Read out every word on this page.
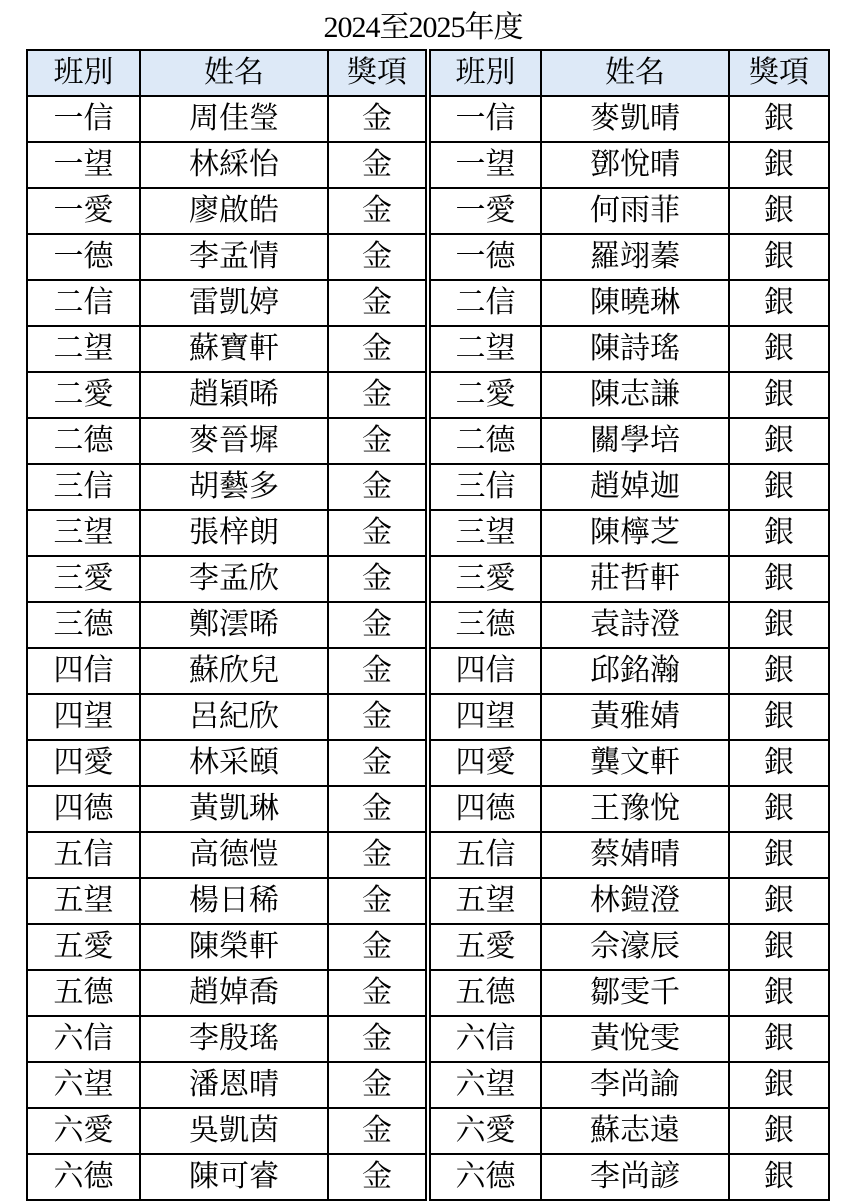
2024至2025年度
班別	姓名	獎項	班別	姓名	獎項
一信	周佳瑩	金	一信	麥凱晴	銀
一望	林綵怡	金	一望	鄧悅晴	銀
一愛	廖啟皓	金	一愛	何雨菲	銀
一德	李孟情	金	一德	羅翊蓁	銀
二信	雷凱婷	金	二信	陳曉琳	銀
二望	蘇寶軒	金	二望	陳詩瑤	銀
二愛	趙穎晞	金	二愛	陳志謙	銀
二德	麥晉墀	金	二德	關學培	銀
三信	胡藝多	金	三信	趙婥迦	銀
三望	張梓朗	金	三望	陳檸芝	銀
三愛	李孟欣	金	三愛	莊哲軒	銀
三德	鄭澐晞	金	三德	袁詩澄	銀
四信	蘇欣兒	金	四信	邱銘瀚	銀
四望	呂紀欣	金	四望	黃雅婧	銀
四愛	林采頤	金	四愛	龔文軒	銀
四德	黃凱琳	金	四德	王豫悅	銀
五信	高德愷	金	五信	蔡婧晴	銀
五望	楊日稀	金	五望	林鎧澄	銀
五愛	陳榮軒	金	五愛	佘濠辰	銀
五德	趙婥喬	金	五德	鄒雯千	銀
六信	李殷瑤	金	六信	黃悅雯	銀
六望	潘恩晴	金	六望	李尚諭	銀
六愛	吳凱茵	金	六愛	蘇志遠	銀
六德	陳可睿	金	六德	李尚諺	銀
